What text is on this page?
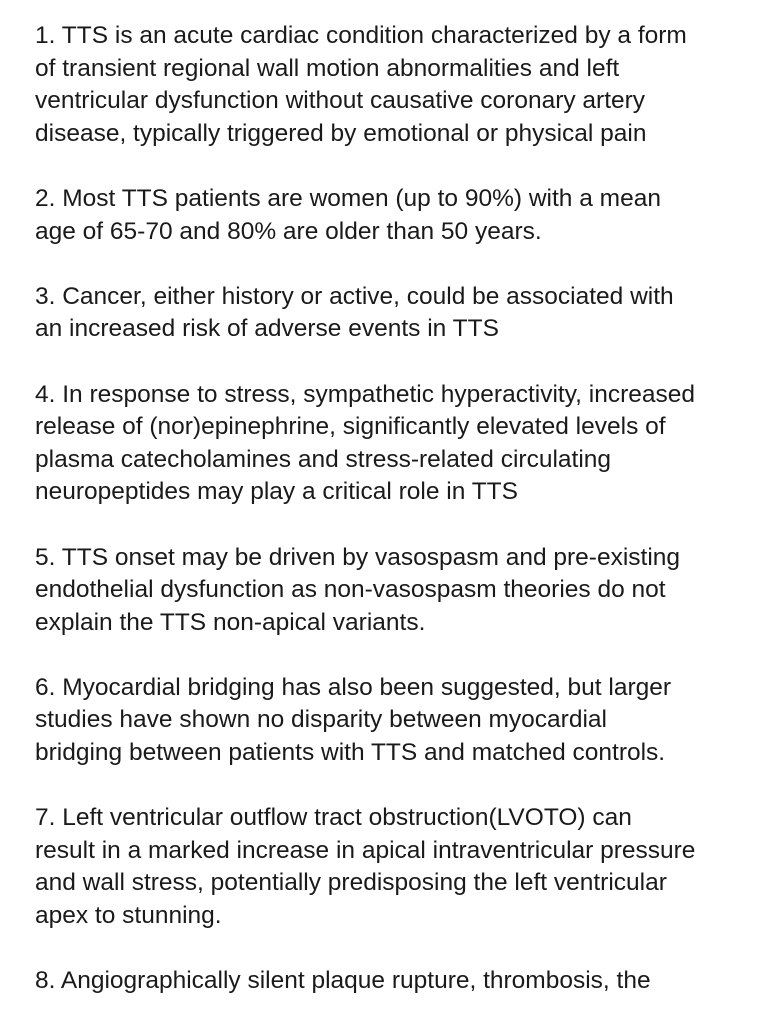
1. TTS is an acute cardiac condition characterized by a form
of transient regional wall motion abnormalities and left
ventricular dysfunction without causative coronary artery
disease, typically triggered by emotional or physical pain
2. Most TTS patients are women (up to 90%) with a mean
age of 65-70 and 80% are older than 50 years.
3. Cancer, either history or active, could be associated with
an increased risk of adverse events in TTS
4. In response to stress, sympathetic hyperactivity, increased
release of (nor)epinephrine, significantly elevated levels of
plasma catecholamines and stress-related circulating
neuropeptides may play a critical role in TTS
5. TTS onset may be driven by vasospasm and pre-existing
endothelial dysfunction as non-vasospasm theories do not
explain the TTS non-apical variants.
6. Myocardial bridging has also been suggested, but larger
studies have shown no disparity between myocardial
bridging between patients with TTS and matched controls.
7. Left ventricular outflow tract obstruction(LVOTO) can
result in a marked increase in apical intraventricular pressure
and wall stress, potentially predisposing the left ventricular
apex to stunning.
8. Angiographically silent plaque rupture, thrombosis, the
